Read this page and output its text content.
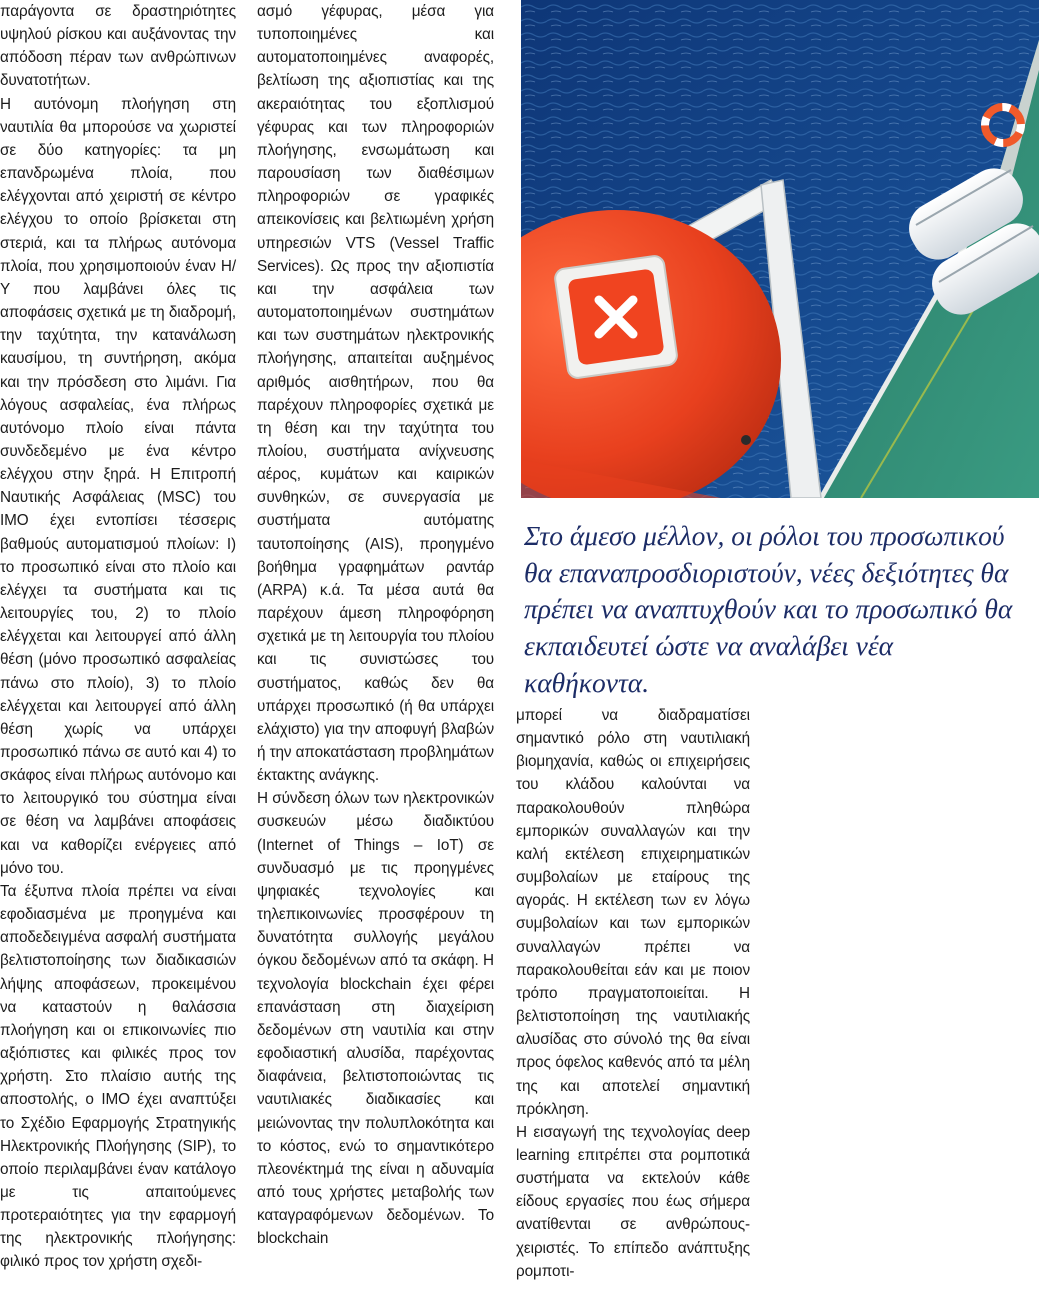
παράγοντα σε δραστηριότητες υψηλού ρίσκου και αυξάνοντας την απόδοση πέραν των ανθρώπινων δυνατοτήτων.

Η αυτόνομη πλοήγηση στη ναυτιλία θα μπορούσε να χωριστεί σε δύο κατηγορίες: τα μη επανδρωμένα πλοία, που ελέγχονται από χειριστή σε κέντρο ελέγχου το οποίο βρίσκεται στη στεριά, και τα πλήρως αυτόνομα πλοία, που χρησιμοποιούν έναν Η/Υ που λαμβάνει όλες τις αποφάσεις σχετικά με τη διαδρομή, την ταχύτητα, την κατανάλωση καυσίμου, τη συντήρηση, ακόμα και την πρόσδεση στο λιμάνι. Για λόγους ασφαλείας, ένα πλήρως αυτόνομο πλοίο είναι πάντα συνδεδεμένο με ένα κέντρο ελέγχου στην ξηρά. Η Επιτροπή Ναυτικής Ασφάλειας (MSC) του IMO έχει εντοπίσει τέσσερις βαθμούς αυτοματισμού πλοίων: I) το προσωπικό είναι στο πλοίο και ελέγχει τα συστήματα και τις λειτουργίες του, 2) το πλοίο ελέγχεται και λειτουργεί από άλλη θέση (μόνο προσωπικό ασφαλείας πάνω στο πλοίο), 3) το πλοίο ελέγχεται και λειτουργεί από άλλη θέση χωρίς να υπάρχει προσωπικό πάνω σε αυτό και 4) το σκάφος είναι πλήρως αυτόνομο και το λειτουργικό του σύστημα είναι σε θέση να λαμβάνει αποφάσεις και να καθορίζει ενέργειες από μόνο του.

Τα έξυπνα πλοία πρέπει να είναι εφοδιασμένα με προηγμένα και αποδεδειγμένα ασφαλή συστήματα βελτιστοποίησης των διαδικασιών λήψης αποφάσεων, προκειμένου να καταστούν η θαλάσσια πλοήγηση και οι επικοινωνίες πιο αξιόπιστες και φιλικές προς τον χρήστη. Στο πλαίσιο αυτής της αποστολής, ο IMO έχει αναπτύξει το Σχέδιο Εφαρμογής Στρατηγικής Ηλεκτρονικής Πλοήγησης (SIP), το οποίο περιλαμβάνει έναν κατάλογο με τις απαιτούμενες προτεραιότητες για την εφαρμογή της ηλεκτρονικής πλοήγησης: φιλικό προς τον χρήστη σχεδι-

ασμό γέφυρας, μέσα για τυποποιημένες και αυτοματοποιημένες αναφορές, βελτίωση της αξιοπιστίας και της ακεραιότητας του εξοπλισμού γέφυρας και των πληροφοριών πλοήγησης, ενσωμάτωση και παρουσίαση των διαθέσιμων πληροφοριών σε γραφικές απεικονίσεις και βελτιωμένη χρήση υπηρεσιών VTS (Vessel Traffic Services). Ως προς την αξιοπιστία και την ασφάλεια των αυτοματοποιημένων συστημάτων και των συστημάτων ηλεκτρονικής πλοήγησης, απαιτείται αυξημένος αριθμός αισθητήρων, που θα παρέχουν πληροφορίες σχετικά με τη θέση και την ταχύτητα του πλοίου, συστήματα ανίχνευσης αέρος, κυμάτων και καιρικών συνθηκών, σε συνεργασία με συστήματα αυτόματης ταυτοποίησης (AIS), προηγμένο βοήθημα γραφημάτων ραντάρ (ARPA) κ.ά. Τα μέσα αυτά θα παρέχουν άμεση πληροφόρηση σχετικά με τη λειτουργία του πλοίου και τις συνιστώσες του συστήματος, καθώς δεν θα υπάρχει προσωπικό (ή θα υπάρχει ελάχιστο) για την αποφυγή βλαβών ή την αποκατάσταση προβλημάτων έκτακτης ανάγκης.

Η σύνδεση όλων των ηλεκτρονικών συσκευών μέσω διαδικτύου (Internet of Things – IoT) σε συνδυασμό με τις προηγμένες ψηφιακές τεχνολογίες και τηλεπικοινωνίες προσφέρουν τη δυνατότητα συλλογής μεγάλου όγκου δεδομένων από τα σκάφη. Η τεχνολογία blockchain έχει φέρει επανάσταση στη διαχείριση δεδομένων στη ναυτιλία και στην εφοδιαστική αλυσίδα, παρέχοντας διαφάνεια, βελτιστοποιώντας τις ναυτιλιακές διαδικασίες και μειώνοντας την πολυπλοκότητα και το κόστος, ενώ το σημαντικότερο πλεονέκτημά της είναι η αδυναμία από τους χρήστες μεταβολής των καταγραφόμενων δεδομένων. Το blockchain

Στο άμεσο μέλλον, οι ρόλοι του προσωπικού θα επαναπροσδιοριστούν, νέες δεξιότητες θα πρέπει να αναπτυχθούν και το προσωπικό θα εκπαιδευτεί ώστε να αναλάβει νέα καθήκοντα.

μπορεί να διαδραματίσει σημαντικό ρόλο στη ναυτιλιακή βιομηχανία, καθώς οι επιχειρήσεις του κλάδου καλούνται να παρακολουθούν πληθώρα εμπορικών συναλλαγών και την καλή εκτέλεση επιχειρηματικών συμβολαίων με εταίρους της αγοράς. Η εκτέλεση των εν λόγω συμβολαίων και των εμπορικών συναλλαγών πρέπει να παρακολουθείται εάν και με ποιον τρόπο πραγματοποιείται. Η βελτιστοποίηση της ναυτιλιακής αλυσίδας στο σύνολό της θα είναι προς όφελος καθενός από τα μέλη της και αποτελεί σημαντική πρόκληση.

Η εισαγωγή της τεχνολογίας deep learning επιτρέπει στα ρομποτικά συστήματα να εκτελούν κάθε είδους εργασίες που έως σήμερα ανατίθενται σε ανθρώπους-χειριστές. Το επίπεδο ανάπτυξης ρομποτι-
